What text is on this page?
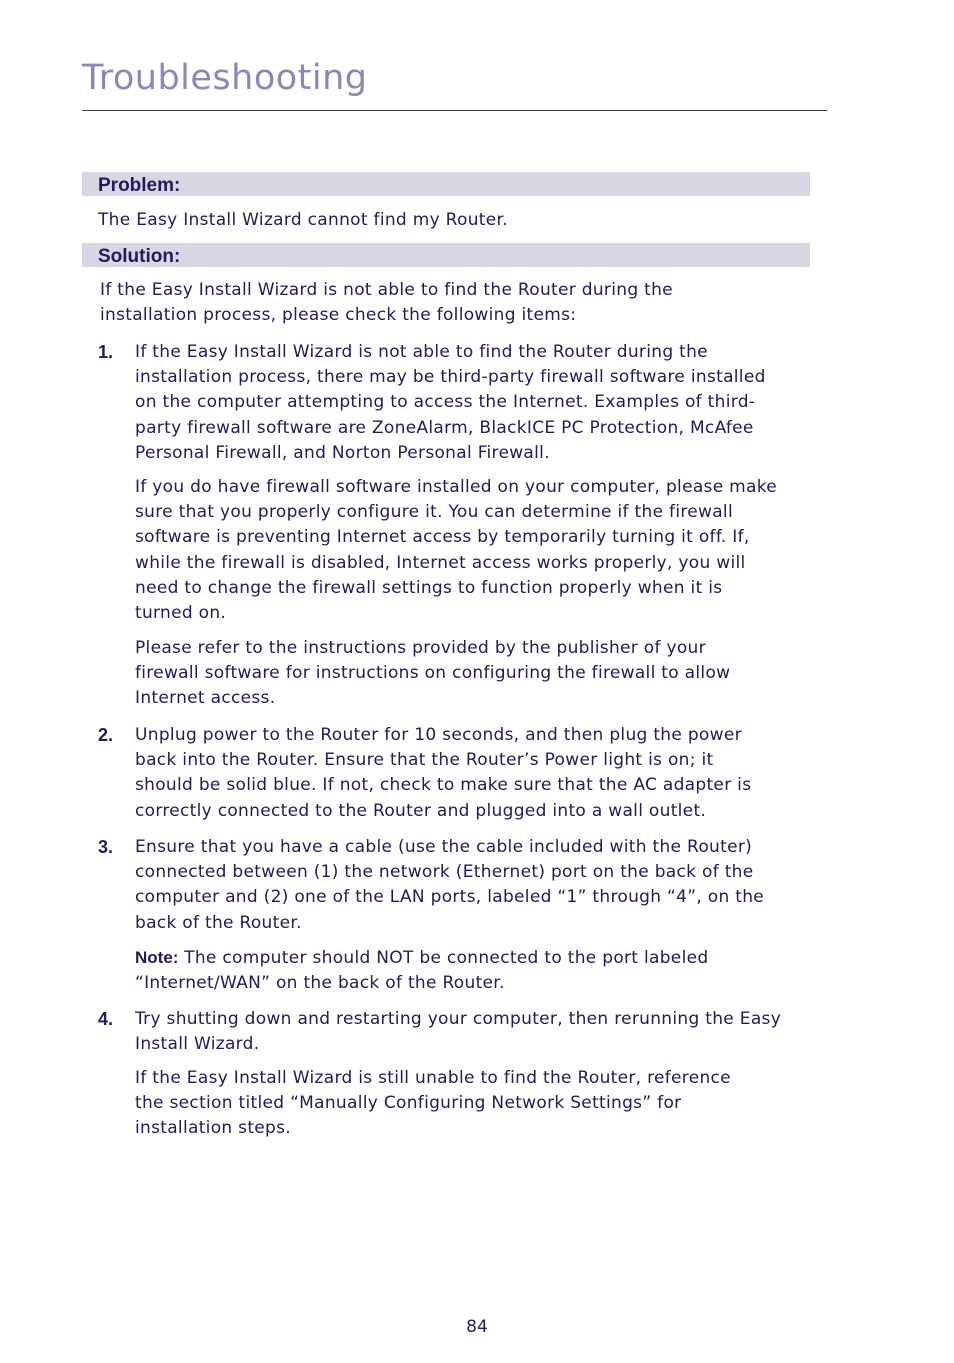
Troubleshooting
Problem:

The Easy Install Wizard cannot find my Router.

Solution:

If the Easy Install Wizard is not able to find the Router during the
installation process, please check the following items:

1. If the Easy Install Wizard is not able to find the Router during the
installation process, there may be third-party firewall software installed
on the computer attempting to access the Internet. Examples of third-
party firewall software are ZoneAlarm, BlackICE PC Protection, McAfee
Personal Firewall, and Norton Personal Firewall.

If you do have firewall software installed on your computer, please make
sure that you properly configure it. You can determine if the firewall
software is preventing Internet access by temporarily turning it off. If,
while the firewall is disabled, Internet access works properly, you will
need to change the firewall settings to function properly when it is
turned on.

Please refer to the instructions provided by the publisher of your
firewall software for instructions on configuring the firewall to allow
Internet access.

2. Unplug power to the Router for 10 seconds, and then plug the power
back into the Router. Ensure that the Router’s Power light is on; it
should be solid blue. If not, check to make sure that the AC adapter is
correctly connected to the Router and plugged into a wall outlet.

3. Ensure that you have a cable (use the cable included with the Router)
connected between (1) the network (Ethernet) port on the back of the
computer and (2) one of the LAN ports, labeled “1” through “4”, on the
back of the Router.

Note: The computer should NOT be connected to the port labeled
“Internet/WAN” on the back of the Router.

4. Try shutting down and restarting your computer, then rerunning the Easy
Install Wizard.

If the Easy Install Wizard is still unable to find the Router, reference
the section titled “Manually Configuring Network Settings” for
installation steps.

84
